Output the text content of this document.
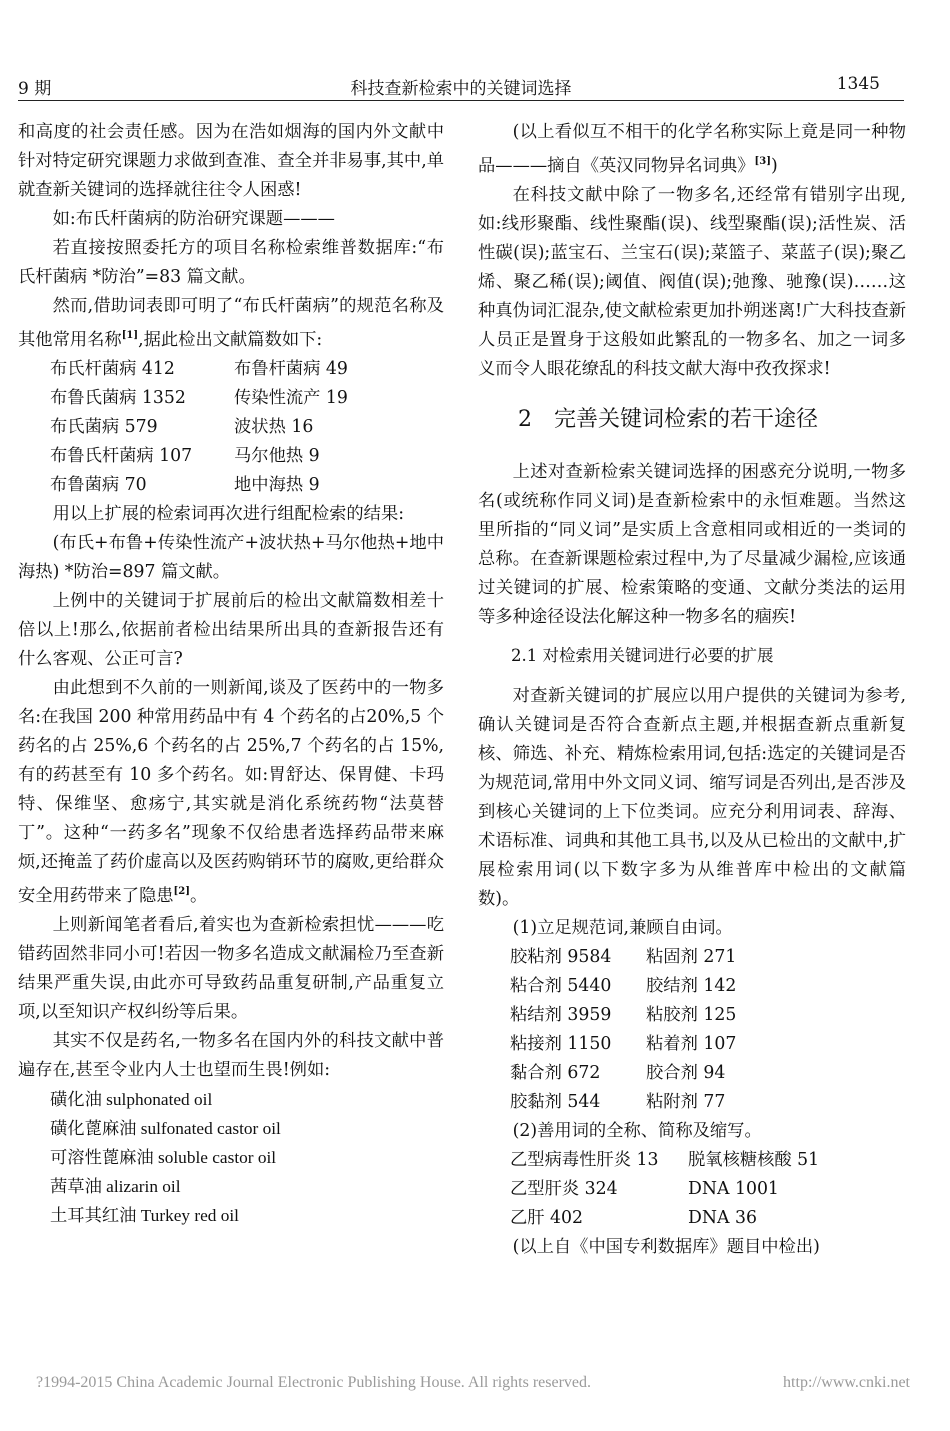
9 期	科技查新检索中的关键词选择	1345

和高度的社会责任感。因为在浩如烟海的国内外文献中针对特定研究课题力求做到查准、查全并非易事,其中,单就查新关键词的选择就往往令人困惑!

如:布氏杆菌病的防治研究课题———

若直接按照委托方的项目名称检索维普数据库:“布氏杆菌病 *防治”=83 篇文献。

然而,借助词表即可明了“布氏杆菌病”的规范名称及其他常用名称[1],据此检出文献篇数如下:

布氏杆菌病 412	布鲁杆菌病 49
布鲁氏菌病 1352	传染性流产 19
布氏菌病 579	波状热 16
布鲁氏杆菌病 107	马尔他热 9
布鲁菌病 70	地中海热 9

用以上扩展的检索词再次进行组配检索的结果:

(布氏+布鲁+传染性流产+波状热+马尔他热+地中海热) *防治=897 篇文献。

上例中的关键词于扩展前后的检出文献篇数相差十倍以上!那么,依据前者检出结果所出具的查新报告还有什么客观、公正可言?

由此想到不久前的一则新闻,谈及了医药中的一物多名:在我国 200 种常用药品中有 4 个药名的占20%,5 个药名的占 25%,6 个药名的占 25%,7 个药名的占 15%,有的药甚至有 10 多个药名。如:胃舒达、保胃健、卡玛特、保维坚、愈疡宁,其实就是消化系统药物“法莫替丁”。这种“一药多名”现象不仅给患者选择药品带来麻烦,还掩盖了药价虚高以及医药购销环节的腐败,更给群众安全用药带来了隐患[2]。

上则新闻笔者看后,着实也为查新检索担忧———吃错药固然非同小可!若因一物多名造成文献漏检乃至查新结果严重失误,由此亦可导致药品重复研制,产品重复立项,以至知识产权纠纷等后果。

其实不仅是药名,一物多名在国内外的科技文献中普遍存在,甚至令业内人士也望而生畏!例如:

磺化油 sulphonated oil
磺化蓖麻油 sulfonated castor oil
可溶性蓖麻油 soluble castor oil
茜草油 alizarin oil
土耳其红油 Turkey red oil

(以上看似互不相干的化学名称实际上竟是同一种物品———摘自《英汉同物异名词典》[3])

在科技文献中除了一物多名,还经常有错别字出现,如:线形聚酯、线性聚酯(误)、线型聚酯(误);活性炭、活性碳(误);蓝宝石、兰宝石(误);菜篮子、菜蓝子(误);聚乙烯、聚乙稀(误);阈值、阀值(误);弛豫、驰豫(误)……这种真伪词汇混杂,使文献检索更加扑朔迷离!广大科技查新人员正是置身于这般如此繁乱的一物多名、加之一词多义而令人眼花缭乱的科技文献大海中孜孜探求!

2 完善关键词检索的若干途径

上述对查新检索关键词选择的困惑充分说明,一物多名(或统称作同义词)是查新检索中的永恒难题。当然这里所指的“同义词”是实质上含意相同或相近的一类词的总称。在查新课题检索过程中,为了尽量减少漏检,应该通过关键词的扩展、检索策略的变通、文献分类法的运用等多种途径设法化解这种一物多名的痼疾!

2.1 对检索用关键词进行必要的扩展

对查新关键词的扩展应以用户提供的关键词为参考,确认关键词是否符合查新点主题,并根据查新点重新复核、筛选、补充、精炼检索用词,包括:选定的关键词是否为规范词,常用中外文同义词、缩写词是否列出,是否涉及到核心关键词的上下位类词。应充分利用词表、辞海、术语标准、词典和其他工具书,以及从已检出的文献中,扩展检索用词(以下数字多为从维普库中检出的文献篇数)。

(1)立足规范词,兼顾自由词。
胶粘剂 9584	粘固剂 271
粘合剂 5440	胶结剂 142
粘结剂 3959	粘胶剂 125
粘接剂 1150	粘着剂 107
黏合剂 672	胶合剂 94
胶黏剂 544	粘附剂 77
(2)善用词的全称、简称及缩写。
乙型病毒性肝炎 13	脱氧核糖核酸 51
乙型肝炎 324	DNA 1001
乙肝 402	DNA 36
(以上自《中国专利数据库》题目中检出)
?1994-2015 China Academic Journal Electronic Publishing House. All rights reserved.	http://www.cnki.net
